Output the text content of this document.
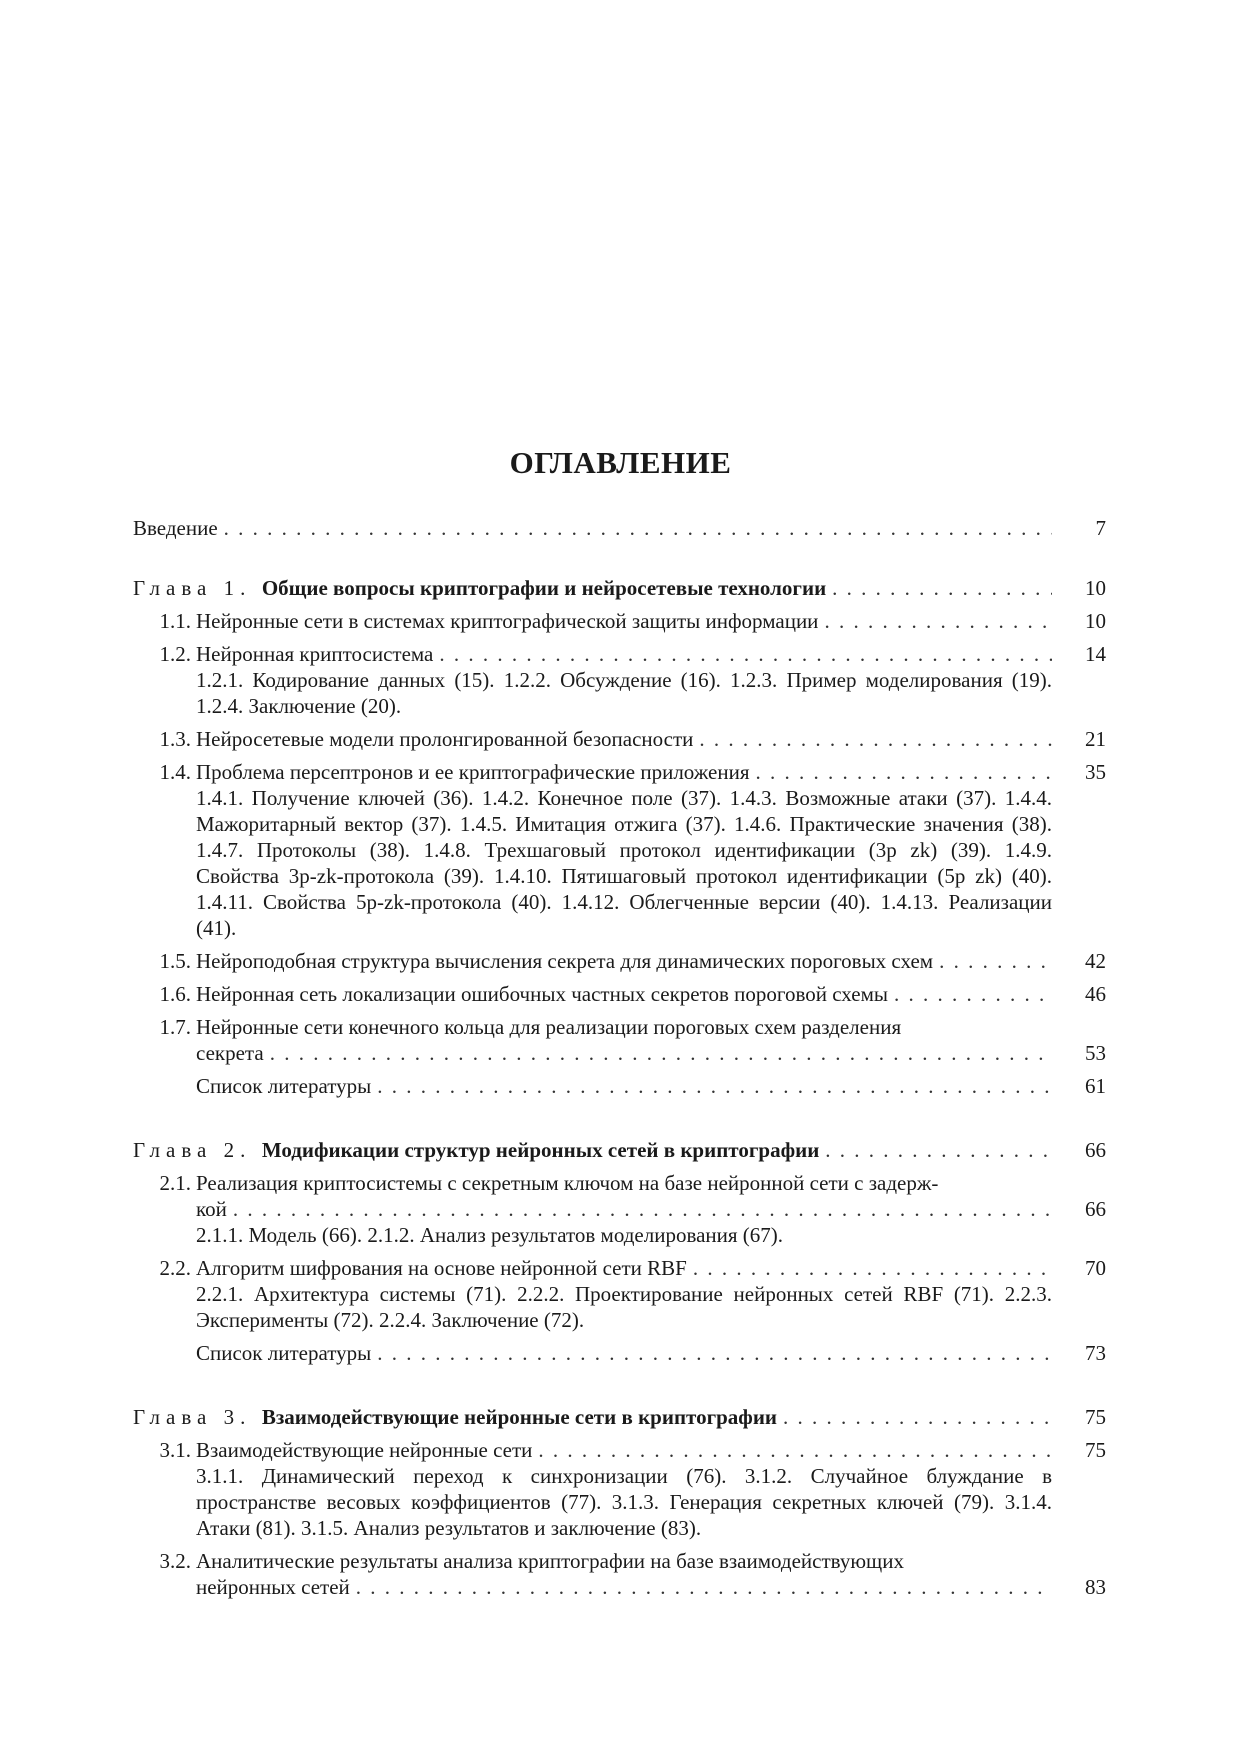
ОГЛАВЛЕНИЕ
Введение . . .	7
Глава 1. Общие вопросы криптографии и нейросетевые технологии . . .	10
1.1. Нейронные сети в системах криптографической защиты информации . . .	10
1.2. Нейронная криптосистема . . .	14
1.2.1. Кодирование данных (15). 1.2.2. Обсуждение (16). 1.2.3. Пример моделирования (19). 1.2.4. Заключение (20).
1.3. Нейросетевые модели пролонгированной безопасности . . .	21
1.4. Проблема персептронов и ее криптографические приложения . . .	35
1.4.1. Получение ключей (36). 1.4.2. Конечное поле (37). 1.4.3. Возможные атаки (37). 1.4.4. Мажоритарный вектор (37). 1.4.5. Имитация отжига (37). 1.4.6. Практические значения (38). 1.4.7. Протоколы (38). 1.4.8. Трехшаговый протокол идентификации (3p zk) (39). 1.4.9. Свойства 3p-zk-протокола (39). 1.4.10. Пятишаговый протокол идентификации (5p zk) (40). 1.4.11. Свойства 5p-zk-протокола (40). 1.4.12. Облегченные версии (40). 1.4.13. Реализации (41).
1.5. Нейроподобная структура вычисления секрета для динамических пороговых схем . . .	42
1.6. Нейронная сеть локализации ошибочных частных секретов пороговой схемы . . .	46
1.7. Нейронные сети конечного кольца для реализации пороговых схем разделения
секрета . . .	53
Список литературы . . .	61
Глава 2. Модификации структур нейронных сетей в криптографии . . .	66
2.1. Реализация криптосистемы с секретным ключом на базе нейронной сети с задерж-
кой . . .	66
2.1.1. Модель (66). 2.1.2. Анализ результатов моделирования (67).
2.2. Алгоритм шифрования на основе нейронной сети RBF . . .	70
2.2.1. Архитектура системы (71). 2.2.2. Проектирование нейронных сетей RBF (71). 2.2.3. Эксперименты (72). 2.2.4. Заключение (72).
Список литературы . . .	73
Глава 3. Взаимодействующие нейронные сети в криптографии . . .	75
3.1. Взаимодействующие нейронные сети . . .	75
3.1.1. Динамический переход к синхронизации (76). 3.1.2. Случайное блуждание в пространстве весовых коэффициентов (77). 3.1.3. Генерация секретных ключей (79). 3.1.4. Атаки (81). 3.1.5. Анализ результатов и заключение (83).
3.2. Аналитические результаты анализа криптографии на базе взаимодействующих
нейронных сетей . . .	83
